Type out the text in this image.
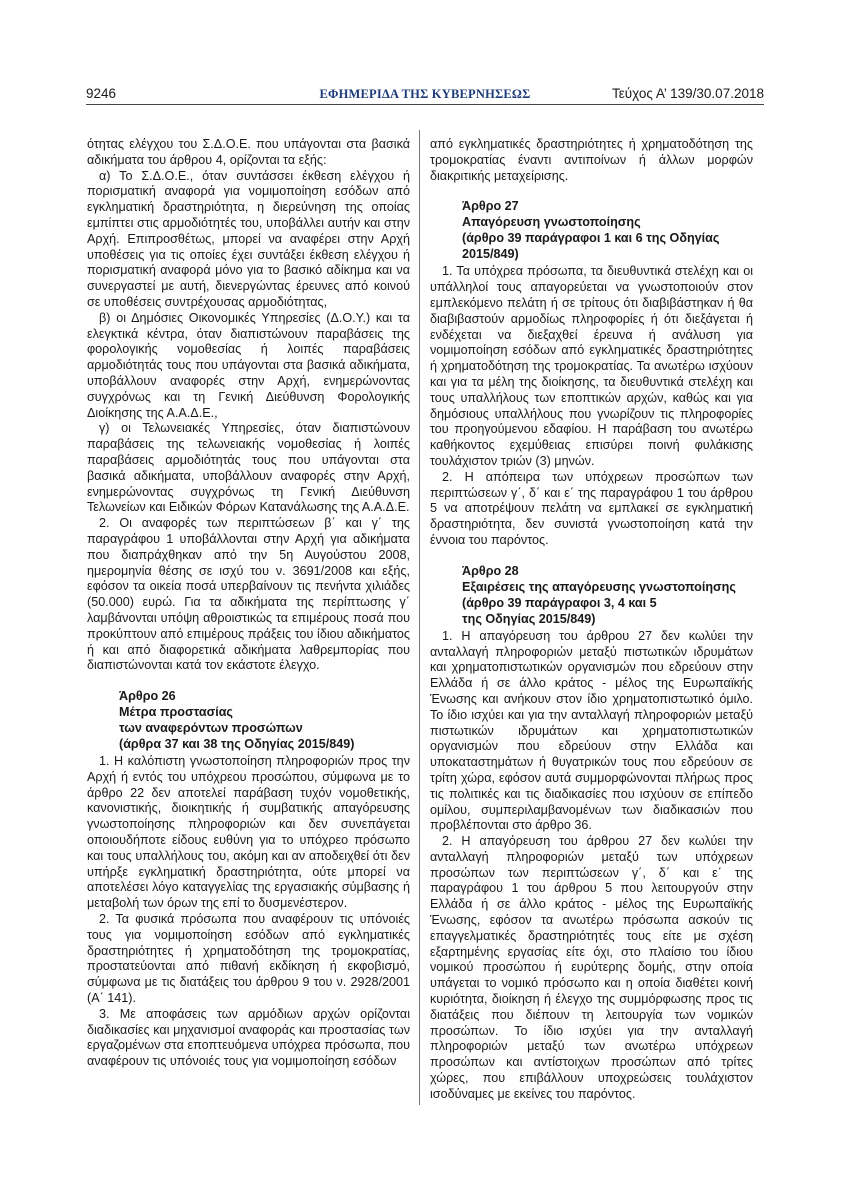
9246	ΕΦΗΜΕΡΙΔΑ ΤΗΣ ΚΥΒΕΡΝΗΣΕΩΣ	Τεύχος Α’ 139/30.07.2018

ότητας ελέγχου του Σ.Δ.Ο.Ε. που υπάγονται στα βασικά αδικήματα του άρθρου 4, ορίζονται τα εξής:

α) Το Σ.Δ.Ο.Ε., όταν συντάσσει έκθεση ελέγχου ή πορισματική αναφορά για νομιμοποίηση εσόδων από εγκληματική δραστηριότητα, η διερεύνηση της οποίας εμπίπτει στις αρμοδιότητές του, υποβάλλει αυτήν και στην Αρχή. Επιπροσθέτως, μπορεί να αναφέρει στην Αρχή υποθέσεις για τις οποίες έχει συντάξει έκθεση ελέγχου ή πορισματική αναφορά μόνο για το βασικό αδίκημα και να συνεργαστεί με αυτή, διενεργώντας έρευνες από κοινού σε υποθέσεις συντρέχουσας αρμοδιότητας,

β) οι Δημόσιες Οικονομικές Υπηρεσίες (Δ.Ο.Υ.) και τα ελεγκτικά κέντρα, όταν διαπιστώνουν παραβάσεις της φορολογικής νομοθεσίας ή λοιπές παραβάσεις αρμοδιότητάς τους που υπάγονται στα βασικά αδικήματα, υποβάλλουν αναφορές στην Αρχή, ενημερώνοντας συγχρόνως και τη Γενική Διεύθυνση Φορολογικής Διοίκησης της Α.Α.Δ.Ε.,

γ) οι Τελωνειακές Υπηρεσίες, όταν διαπιστώνουν παραβάσεις της τελωνειακής νομοθεσίας ή λοιπές παραβάσεις αρμοδιότητάς τους που υπάγονται στα βασικά αδικήματα, υποβάλλουν αναφορές στην Αρχή, ενημερώνοντας συγχρόνως τη Γενική Διεύθυνση Τελωνείων και Ειδικών Φόρων Κατανάλωσης της Α.Α.Δ.Ε.

2. Οι αναφορές των περιπτώσεων β΄ και γ΄ της παραγράφου 1 υποβάλλονται στην Αρχή για αδικήματα που διαπράχθηκαν από την 5η Αυγούστου 2008, ημερομηνία θέσης σε ισχύ του ν. 3691/2008 και εξής, εφόσον τα οικεία ποσά υπερβαίνουν τις πενήντα χιλιάδες (50.000) ευρώ. Για τα αδικήματα της περίπτωσης γ΄ λαμβάνονται υπόψη αθροιστικώς τα επιμέρους ποσά που προκύπτουν από επιμέρους πράξεις του ίδιου αδικήματος ή και από διαφορετικά αδικήματα λαθρεμπορίας που διαπιστώνονται κατά τον εκάστοτε έλεγχο.

Άρθρο 26
Μέτρα προστασίας
των αναφερόντων προσώπων
(άρθρα 37 και 38 της Οδηγίας 2015/849)

1. Η καλόπιστη γνωστοποίηση πληροφοριών προς την Αρχή ή εντός του υπόχρεου προσώπου, σύμφωνα με το άρθρο 22 δεν αποτελεί παράβαση τυχόν νομοθετικής, κανονιστικής, διοικητικής ή συμβατικής απαγόρευσης γνωστοποίησης πληροφοριών και δεν συνεπάγεται οποιουδήποτε είδους ευθύνη για το υπόχρεο πρόσωπο και τους υπαλλήλους του, ακόμη και αν αποδειχθεί ότι δεν υπήρξε εγκληματική δραστηριότητα, ούτε μπορεί να αποτελέσει λόγο καταγγελίας της εργασιακής σύμβασης ή μεταβολή των όρων της επί το δυσμενέστερον.

2. Τα φυσικά πρόσωπα που αναφέρουν τις υπόνοιές τους για νομιμοποίηση εσόδων από εγκληματικές δραστηριότητες ή χρηματοδότηση της τρομοκρατίας, προστατεύονται από πιθανή εκδίκηση ή εκφοβισμό, σύμφωνα με τις διατάξεις του άρθρου 9 του ν. 2928/2001 (Α΄ 141).

3. Με αποφάσεις των αρμόδιων αρχών ορίζονται διαδικασίες και μηχανισμοί αναφοράς και προστασίας των εργαζομένων στα εποπτευόμενα υπόχρεα πρόσωπα, που αναφέρουν τις υπόνοιές τους για νομιμοποίηση εσόδων

από εγκληματικές δραστηριότητες ή χρηματοδότηση της τρομοκρατίας έναντι αντιποίνων ή άλλων μορφών διακριτικής μεταχείρισης.

Άρθρο 27
Απαγόρευση γνωστοποίησης
(άρθρο 39 παράγραφοι 1 και 6 της Οδηγίας
2015/849)

1. Τα υπόχρεα πρόσωπα, τα διευθυντικά στελέχη και οι υπάλληλοί τους απαγορεύεται να γνωστοποιούν στον εμπλεκόμενο πελάτη ή σε τρίτους ότι διαβιβάστηκαν ή θα διαβιβαστούν αρμοδίως πληροφορίες ή ότι διεξάγεται ή ενδέχεται να διεξαχθεί έρευνα ή ανάλυση για νομιμοποίηση εσόδων από εγκληματικές δραστηριότητες ή χρηματοδότηση της τρομοκρατίας. Τα ανωτέρω ισχύουν και για τα μέλη της διοίκησης, τα διευθυντικά στελέχη και τους υπαλλήλους των εποπτικών αρχών, καθώς και για δημόσιους υπαλλήλους που γνωρίζουν τις πληροφορίες του προηγούμενου εδαφίου. Η παράβαση του ανωτέρω καθήκοντος εχεμύθειας επισύρει ποινή φυλάκισης τουλάχιστον τριών (3) μηνών.

2. Η απόπειρα των υπόχρεων προσώπων των περιπτώσεων γ΄, δ΄ και ε΄ της παραγράφου 1 του άρθρου 5 να αποτρέψουν πελάτη να εμπλακεί σε εγκληματική δραστηριότητα, δεν συνιστά γνωστοποίηση κατά την έννοια του παρόντος.

Άρθρο 28
Εξαιρέσεις της απαγόρευσης γνωστοποίησης
(άρθρο 39 παράγραφοι 3, 4 και 5
της Οδηγίας 2015/849)

1. Η απαγόρευση του άρθρου 27 δεν κωλύει την ανταλλαγή πληροφοριών μεταξύ πιστωτικών ιδρυμάτων και χρηματοπιστωτικών οργανισμών που εδρεύουν στην Ελλάδα ή σε άλλο κράτος - μέλος της Ευρωπαϊκής Ένωσης και ανήκουν στον ίδιο χρηματοπιστωτικό όμιλο. Το ίδιο ισχύει και για την ανταλλαγή πληροφοριών μεταξύ πιστωτικών ιδρυμάτων και χρηματοπιστωτικών οργανισμών που εδρεύουν στην Ελλάδα και υποκαταστημάτων ή θυγατρικών τους που εδρεύουν σε τρίτη χώρα, εφόσον αυτά συμμορφώνονται πλήρως προς τις πολιτικές και τις διαδικασίες που ισχύουν σε επίπεδο ομίλου, συμπεριλαμβανομένων των διαδικασιών που προβλέπονται στο άρθρο 36.

2. Η απαγόρευση του άρθρου 27 δεν κωλύει την ανταλλαγή πληροφοριών μεταξύ των υπόχρεων προσώπων των περιπτώσεων γ΄, δ΄ και ε΄ της παραγράφου 1 του άρθρου 5 που λειτουργούν στην Ελλάδα ή σε άλλο κράτος - μέλος της Ευρωπαϊκής Ένωσης, εφόσον τα ανωτέρω πρόσωπα ασκούν τις επαγγελματικές δραστηριότητές τους είτε με σχέση εξαρτημένης εργασίας είτε όχι, στο πλαίσιο του ίδιου νομικού προσώπου ή ευρύτερης δομής, στην οποία υπάγεται το νομικό πρόσωπο και η οποία διαθέτει κοινή κυριότητα, διοίκηση ή έλεγχο της συμμόρφωσης προς τις διατάξεις που διέπουν τη λειτουργία των νομικών προσώπων. Το ίδιο ισχύει για την ανταλλαγή πληροφοριών μεταξύ των ανωτέρω υπόχρεων προσώπων και αντίστοιχων προσώπων από τρίτες χώρες, που επιβάλλουν υποχρεώσεις τουλάχιστον ισοδύναμες με εκείνες του παρόντος.
